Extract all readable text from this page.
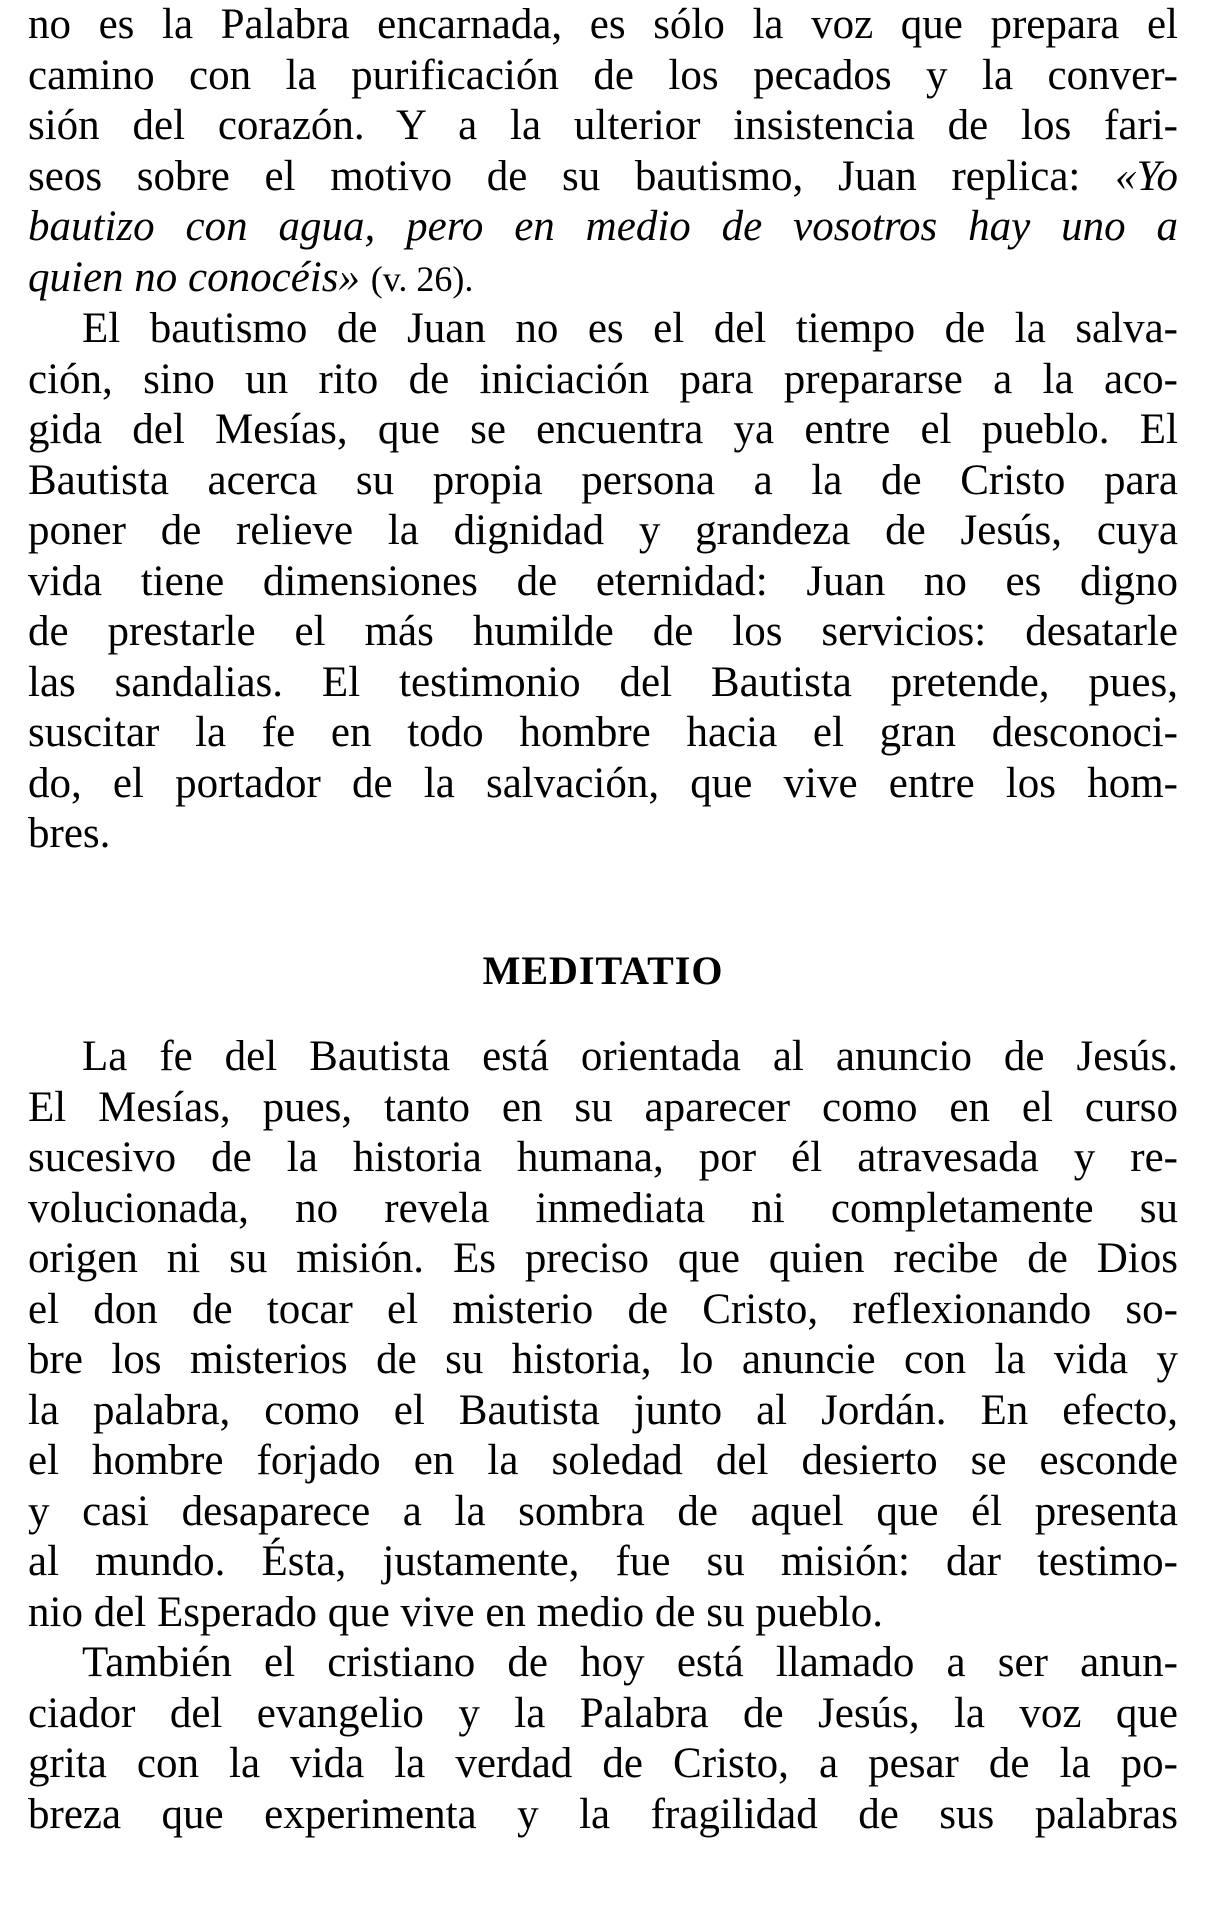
no es la Palabra encarnada, es sólo la voz que prepara el
camino con la purificación de los pecados y la conver-
sión del corazón. Y a la ulterior insistencia de los fari-
seos sobre el motivo de su bautismo, Juan replica: «Yo
bautizo con agua, pero en medio de vosotros hay uno a
quien no conocéis» (v. 26).
El bautismo de Juan no es el del tiempo de la salva-
ción, sino un rito de iniciación para prepararse a la aco-
gida del Mesías, que se encuentra ya entre el pueblo. El
Bautista acerca su propia persona a la de Cristo para
poner de relieve la dignidad y grandeza de Jesús, cuya
vida tiene dimensiones de eternidad: Juan no es digno
de prestarle el más humilde de los servicios: desatarle
las sandalias. El testimonio del Bautista pretende, pues,
suscitar la fe en todo hombre hacia el gran desconoci-
do, el portador de la salvación, que vive entre los hom-
bres.
MEDITATIO
La fe del Bautista está orientada al anuncio de Jesús.
El Mesías, pues, tanto en su aparecer como en el curso
sucesivo de la historia humana, por él atravesada y re-
volucionada, no revela inmediata ni completamente su
origen ni su misión. Es preciso que quien recibe de Dios
el don de tocar el misterio de Cristo, reflexionando so-
bre los misterios de su historia, lo anuncie con la vida y
la palabra, como el Bautista junto al Jordán. En efecto,
el hombre forjado en la soledad del desierto se esconde
y casi desaparece a la sombra de aquel que él presenta
al mundo. Ésta, justamente, fue su misión: dar testimo-
nio del Esperado que vive en medio de su pueblo.
También el cristiano de hoy está llamado a ser anun-
ciador del evangelio y la Palabra de Jesús, la voz que
grita con la vida la verdad de Cristo, a pesar de la po-
breza que experimenta y la fragilidad de sus palabras
